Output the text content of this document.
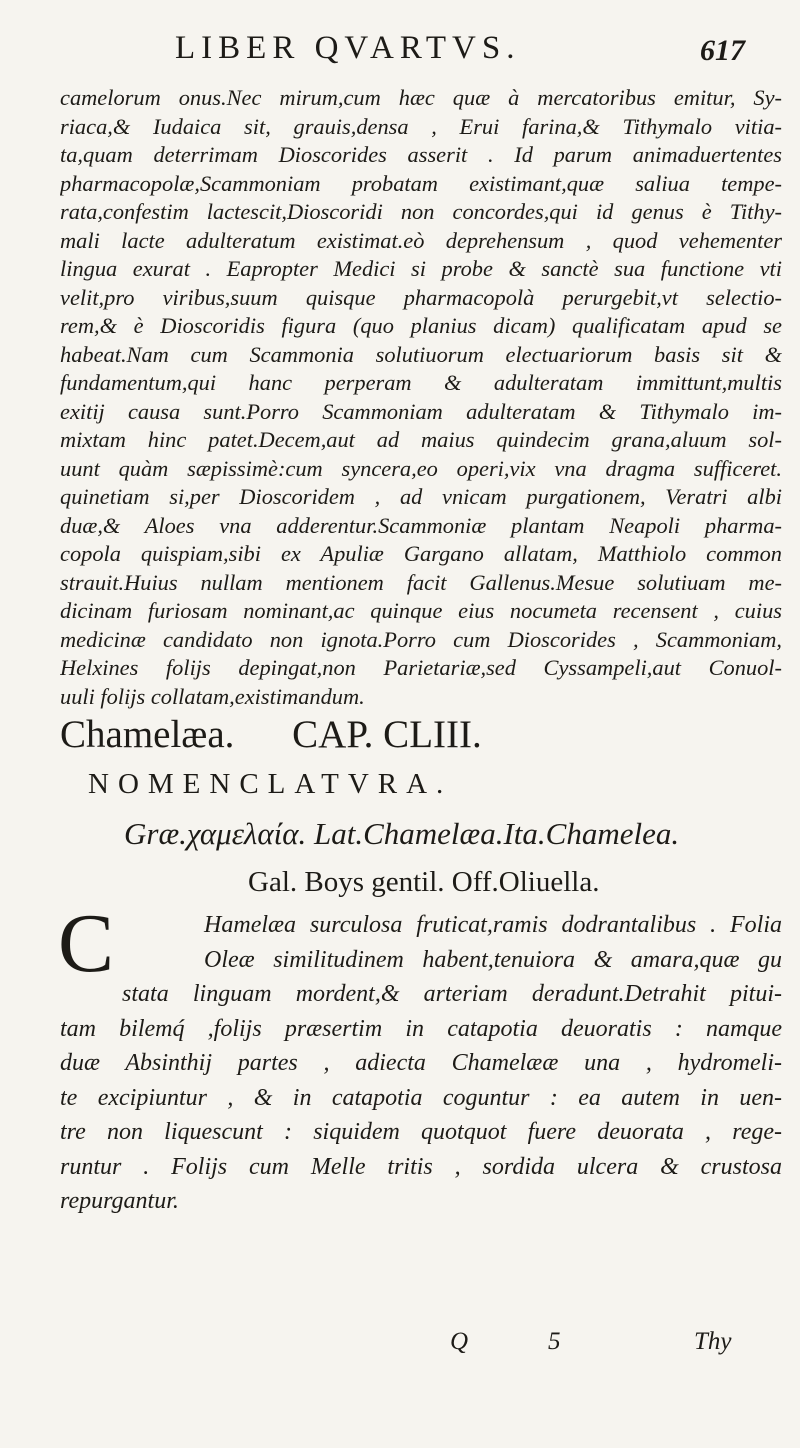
LIBER QVARTVS.	617
camelorum onus.Nec mirum,cum hæc quæ à mercatoribus emitur, Sy-
riaca,& Iudaica sit, grauis,densa , Erui farina,& Tithymalo vitia-
ta,quam deterrimam Dioscorides asserit . Id parum animaduertentes
pharmacopolæ,Scammoniam probatam existimant,quæ saliua tempe-
rata,confestim lactescit,Dioscoridi non concordes,qui id genus è Tithy-
mali lacte adulteratum existimat.eò deprehensum , quod vehementer
lingua exurat . Eapropter Medici si probe & sanctè sua functione vti
velit,pro viribus,suum quisque pharmacopolà perurgebit,vt selectio-
rem,& è Dioscoridis figura (quo planius dicam) qualificatam apud se
habeat.Nam cum Scammonia solutiuorum electuariorum basis sit &
fundamentum,qui hanc perperam & adulteratam immittunt,multis
exitij causa sunt.Porro Scammoniam adulteratam & Tithymalo im-
mixtam hinc patet.Decem,aut ad maius quindecim grana,aluum sol-
uunt quàm sæpissimè:cum syncera,eo operi,vix vna dragma sufficeret.
quinetiam si,per Dioscoridem , ad vnicam purgationem, Veratri albi
duæ,& Aloes vna adderentur.Scammoniæ plantam Neapoli pharma-
copola quispiam,sibi ex Apuliæ Gargano allatam, Matthiolo common
strauit.Huius nullam mentionem facit Gallenus.Mesue solutiuam me-
dicinam furiosam nominant,ac quinque eius nocumeta recensent , cuius
medicinæ candidato non ignota.Porro cum Dioscorides , Scammoniam,
Helxines folijs depingat,non Parietariæ,sed Cyssampeli,aut Conuol-
uuli folijs collatam,existimandum.
Chamelæa. CAP. CLIII.
NOMENCLATVRA.
Græ.χαμελαία. Lat.Chamelæa.Ita.Chamelea.
Gal. Boys gentil. Off.Oliuella.
C	Hamelæa surculosa fruticat,ramis dodrantalibus . Folia
Oleæ similitudinem habent,tenuiora & amara,quæ gu
stata linguam mordent,& arteriam deradunt.Detrahit pitui-
tam bilemq́ ,folijs præsertim in catapotia deuoratis : namque
duæ Absinthij partes , adiecta Chamelææ una , hydromeli-
te excipiuntur , & in catapotia coguntur : ea autem in uen-
tre non liquescunt : siquidem quotquot fuere deuorata , rege-
runtur . Folijs cum Melle tritis , sordida ulcera & crustosa
repurgantur.
Q	5	Thy
